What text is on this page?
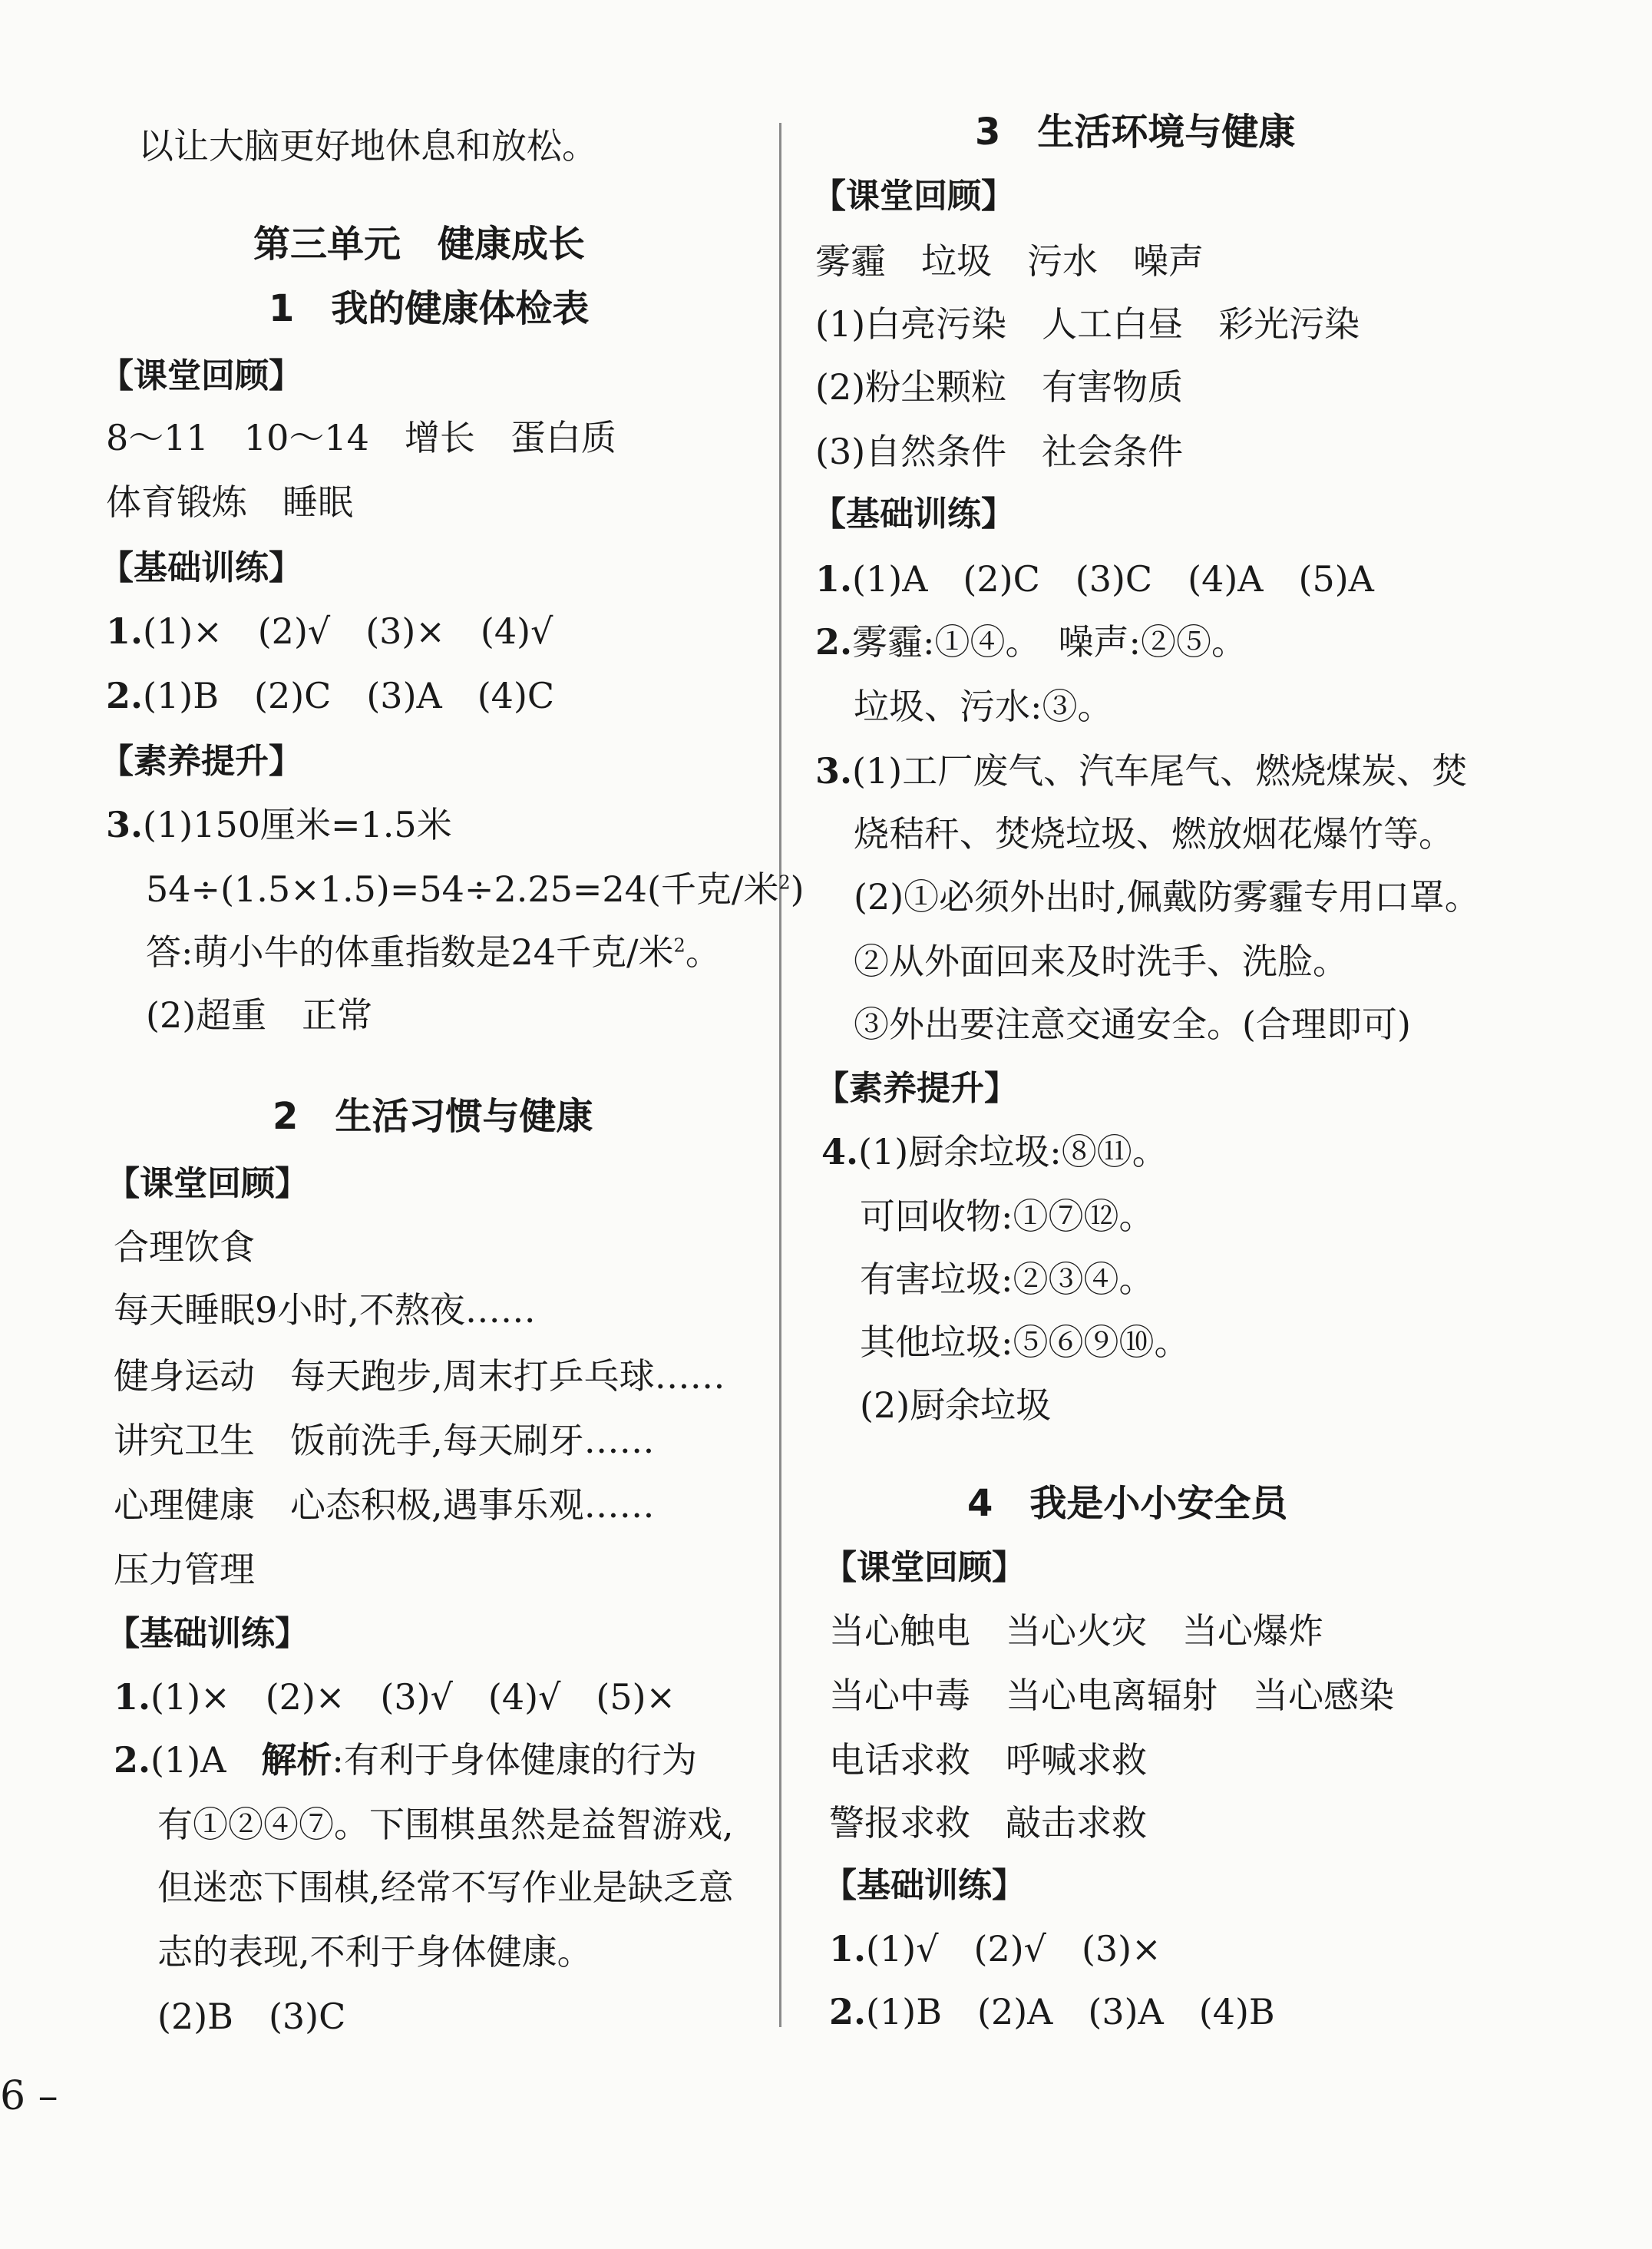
以让大脑更好地休息和放松。
第三单元　健康成长
1　我的健康体检表
【课堂回顾】
8～11　10～14　增长　蛋白质
体育锻炼　睡眠
【基础训练】
1.(1)×　(2)√　(3)×　(4)√
2.(1)B　(2)C　(3)A　(4)C
【素养提升】
3.(1)150厘米=1.5米
54÷(1.5×1.5)=54÷2.25=24(千克/米$^2$)
答:萌小牛的体重指数是24千克/米$^2$。
(2)超重　正常
2　生活习惯与健康
【课堂回顾】
合理饮食
每天睡眠9小时,不熬夜……
健身运动　每天跑步,周末打乒乓球……
讲究卫生　饭前洗手,每天刷牙……
心理健康　心态积极,遇事乐观……
压力管理
【基础训练】
1.(1)×　(2)×　(3)√　(4)√　(5)×
2.(1)A　解析:有利于身体健康的行为
有①②④⑦。下围棋虽然是益智游戏,
但迷恋下围棋,经常不写作业是缺乏意
志的表现,不利于身体健康。
(2)B　(3)C
3　生活环境与健康
【课堂回顾】
雾霾　垃圾　污水　噪声
(1)白亮污染　人工白昼　彩光污染
(2)粉尘颗粒　有害物质
(3)自然条件　社会条件
【基础训练】
1.(1)A　(2)C　(3)C　(4)A　(5)A
2.雾霾:①④。　噪声:②⑤。
垃圾、污水:③。
3.(1)工厂废气、汽车尾气、燃烧煤炭、焚
烧秸秆、焚烧垃圾、燃放烟花爆竹等。
(2)①必须外出时,佩戴防雾霾专用口罩。
②从外面回来及时洗手、洗脸。
③外出要注意交通安全。(合理即可)
【素养提升】
4.(1)厨余垃圾:⑧⑪。
可回收物:①⑦⑫。
有害垃圾:②③④。
其他垃圾:⑤⑥⑨⑩。
(2)厨余垃圾
4　我是小小安全员
【课堂回顾】
当心触电　当心火灾　当心爆炸
当心中毒　当心电离辐射　当心感染
电话求救　呼喊求救
警报求救　敲击求救
【基础训练】
1.(1)√　(2)√　(3)×
2.(1)B　(2)A　(3)A　(4)B
6 –
